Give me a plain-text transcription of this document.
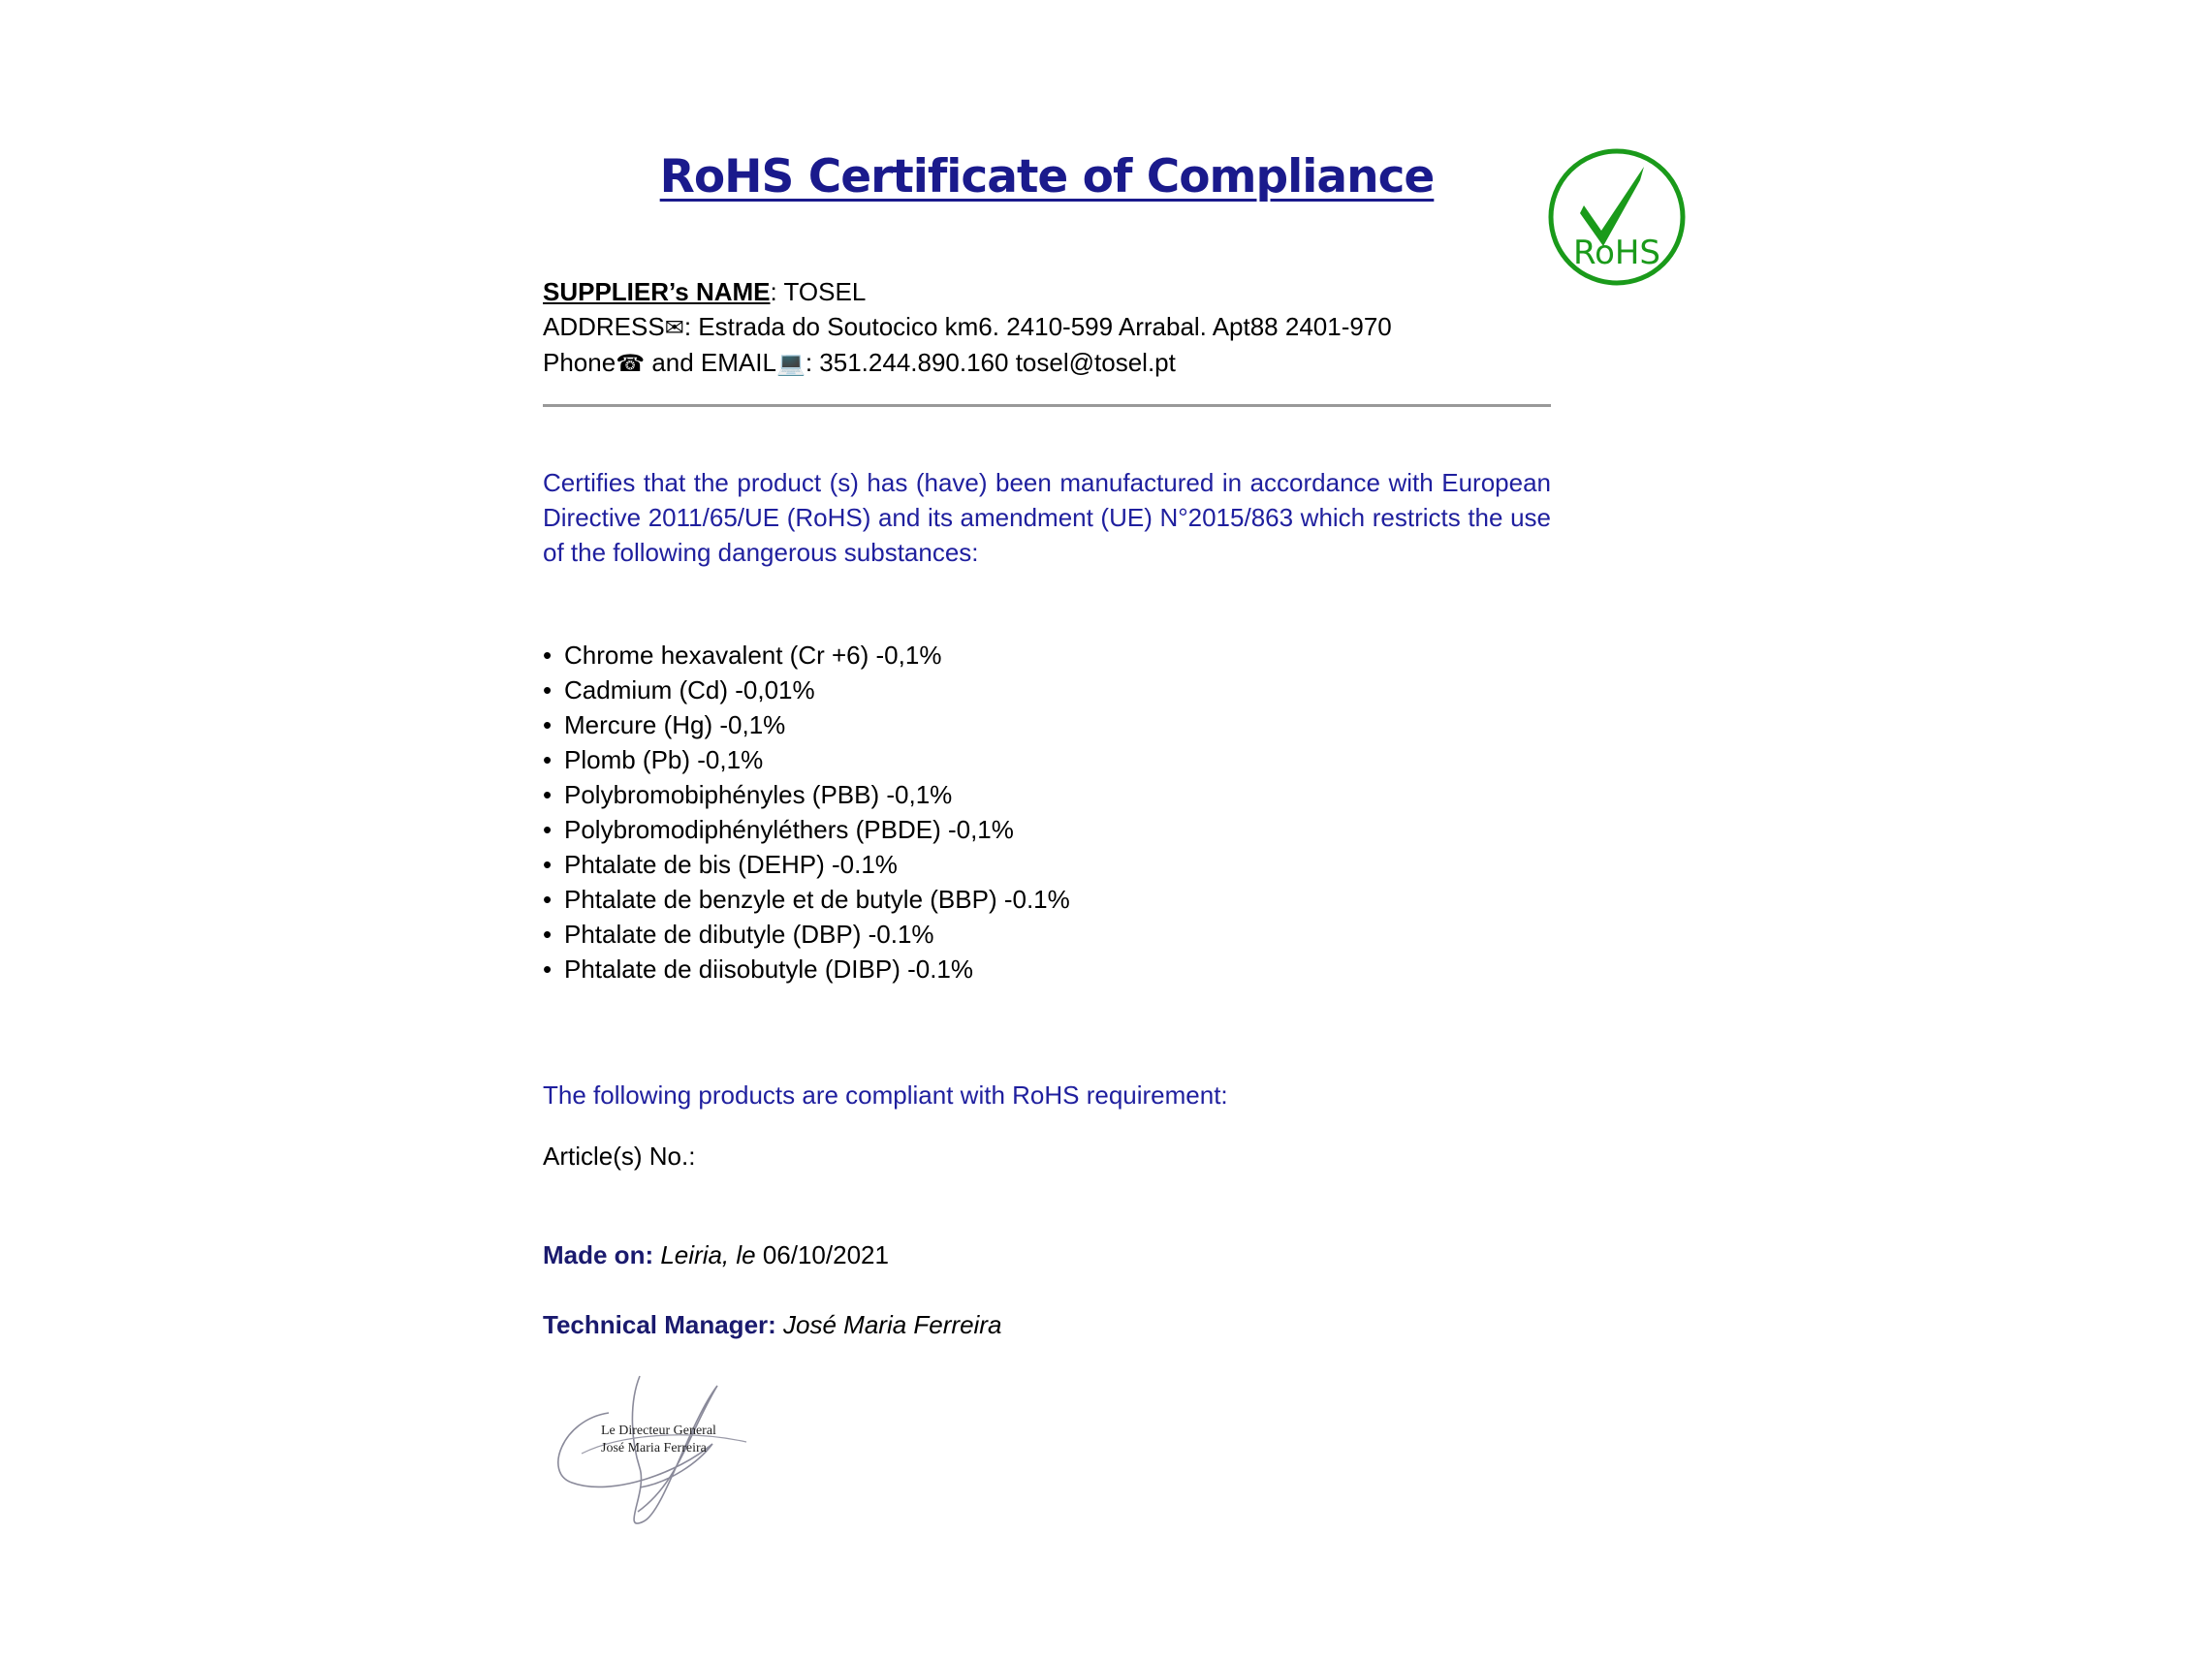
RoHS Certificate of Compliance
RoHS
SUPPLIER’s NAME: TOSEL
ADDRESS✉: Estrada do Soutocico km6. 2410-599 Arrabal. Apt88 2401-970
Phone☎ and EMAIL💻: 351.244.890.160 tosel@tosel.pt

Certifies that the product (s) has (have) been manufactured in accordance with European Directive 2011/65/UE (RoHS) and its amendment (UE) N°2015/863 which restricts the use of the following dangerous substances:

• Chrome hexavalent (Cr +6) -0,1%
• Cadmium (Cd) -0,01%
• Mercure (Hg) -0,1%
• Plomb (Pb) -0,1%
• Polybromobiphényles (PBB) -0,1%
• Polybromodiphényléthers (PBDE) -0,1%
• Phtalate de bis (DEHP) -0.1%
• Phtalate de benzyle et de butyle (BBP) -0.1%
• Phtalate de dibutyle (DBP) -0.1%
• Phtalate de diisobutyle (DIBP) -0.1%
The following products are compliant with RoHS requirement:
Article(s) No.:
Made on: Leiria, le 06/10/2021
Technical Manager: José Maria Ferreira
Le Directeur General
José Maria Ferreira
